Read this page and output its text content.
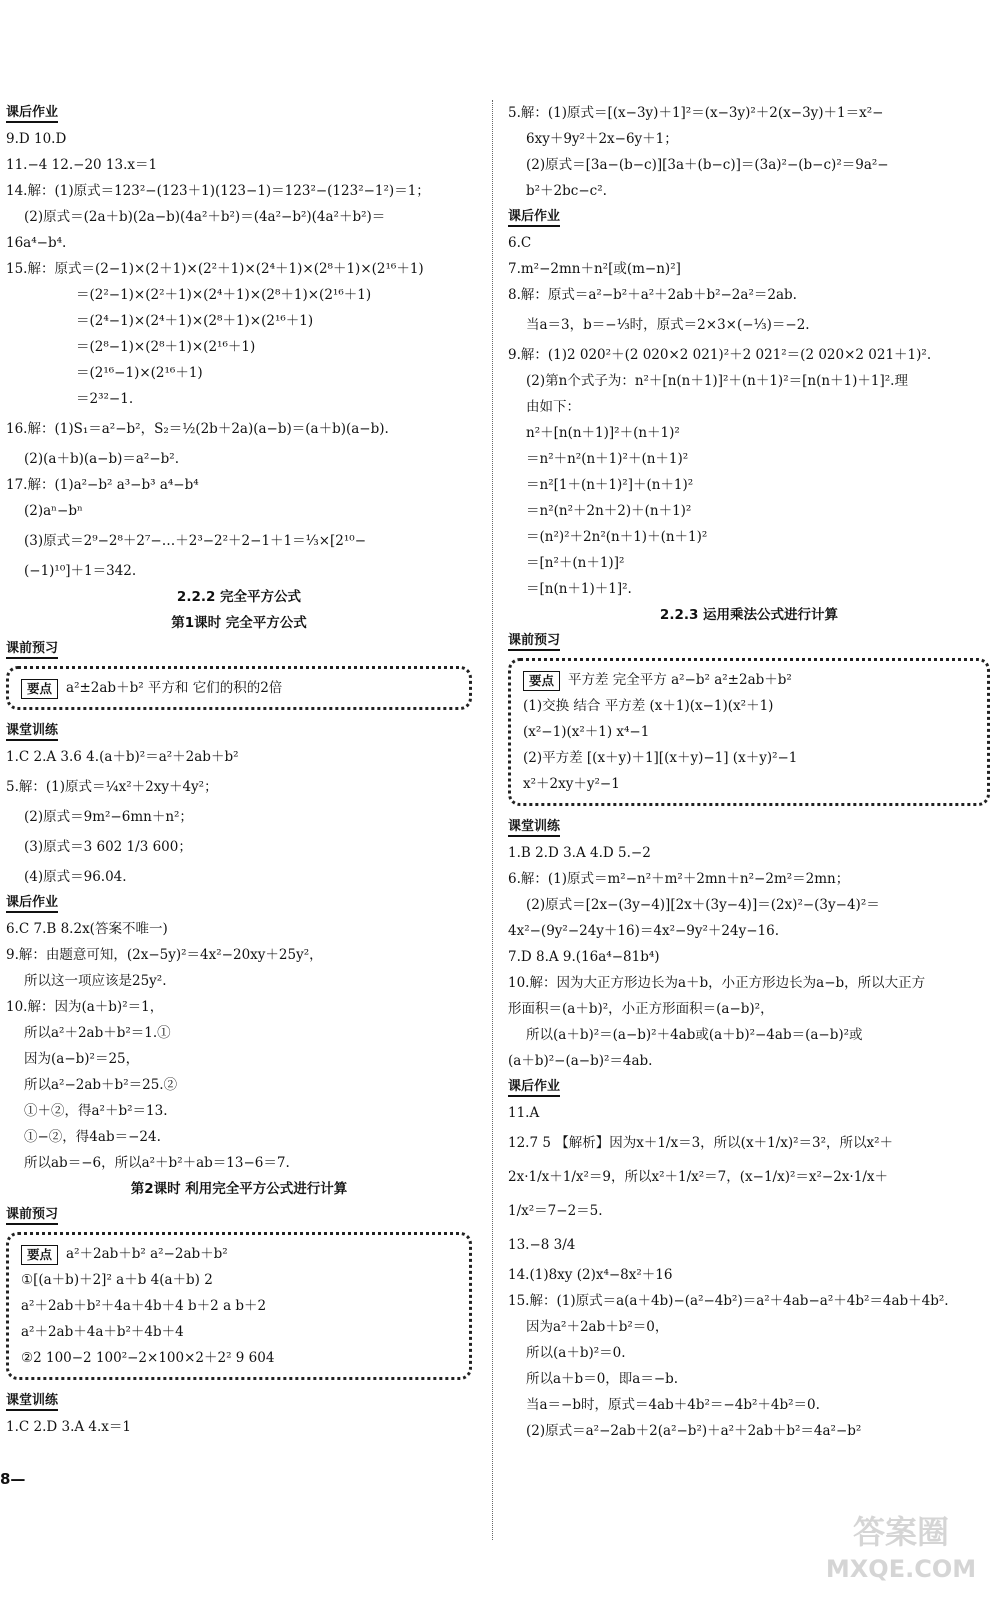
课后作业
9.D 10.D
11.−4 12.−20 13.x＝1
14.解：(1)原式＝123²−(123＋1)(123−1)＝123²−(123²−1²)＝1；
(2)原式＝(2a＋b)(2a−b)(4a²＋b²)＝(4a²−b²)(4a²＋b²)＝
16a⁴−b⁴.
15.解：原式＝(2−1)×(2＋1)×(2²＋1)×(2⁴＋1)×(2⁸＋1)×(2¹⁶＋1)
＝(2²−1)×(2²＋1)×(2⁴＋1)×(2⁸＋1)×(2¹⁶＋1)
＝(2⁴−1)×(2⁴＋1)×(2⁸＋1)×(2¹⁶＋1)
＝(2⁸−1)×(2⁸＋1)×(2¹⁶＋1)
＝(2¹⁶−1)×(2¹⁶＋1)
＝2³²−1.
16.解：(1)S₁＝a²−b²，S₂＝½(2b＋2a)(a−b)＝(a＋b)(a−b).
(2)(a＋b)(a−b)＝a²−b².
17.解：(1)a²−b² a³−b³ a⁴−b⁴
(2)aⁿ−bⁿ
(3)原式＝2⁹−2⁸＋2⁷−…＋2³−2²＋2−1＋1＝⅓×[2¹⁰−
(−1)¹⁰]＋1＝342.
2.2.2 完全平方公式
第1课时 完全平方公式
课前预习
要点 a²±2ab＋b² 平方和 它们的积的2倍
课堂训练
1.C 2.A 3.6 4.(a＋b)²＝a²＋2ab＋b²
5.解：(1)原式＝¼x²＋2xy＋4y²；
(2)原式＝9m²−6mn＋n²；
(3)原式＝3 602 1/3 600；
(4)原式＝96.04.
课后作业
6.C 7.B 8.2x(答案不唯一)
9.解：由题意可知，(2x−5y)²＝4x²−20xy＋25y²，
所以这一项应该是25y².
10.解：因为(a＋b)²＝1，
所以a²＋2ab＋b²＝1.①
因为(a−b)²＝25，
所以a²−2ab＋b²＝25.②
①＋②，得a²＋b²＝13.
①−②，得4ab＝−24.
所以ab＝−6，所以a²＋b²＋ab＝13−6＝7.
第2课时 利用完全平方公式进行计算
课前预习
要点 a²＋2ab＋b² a²−2ab＋b²
①[(a＋b)＋2]² a＋b 4(a＋b) 2
a²＋2ab＋b²＋4a＋4b＋4 b＋2 a b＋2
a²＋2ab＋4a＋b²＋4b＋4
②2 100−2 100²−2×100×2＋2² 9 604
课堂训练
1.C 2.D 3.A 4.x＝1
5.解：(1)原式＝[(x−3y)＋1]²＝(x−3y)²＋2(x−3y)＋1＝x²−
6xy＋9y²＋2x−6y＋1；
(2)原式＝[3a−(b−c)][3a＋(b−c)]＝(3a)²−(b−c)²＝9a²−
b²＋2bc−c².
课后作业
6.C
7.m²−2mn＋n²[或(m−n)²]
8.解：原式＝a²−b²＋a²＋2ab＋b²−2a²＝2ab.
当a＝3，b＝−⅓时，原式＝2×3×(−⅓)＝−2.
9.解：(1)2 020²＋(2 020×2 021)²＋2 021²＝(2 020×2 021＋1)².
(2)第n个式子为：n²＋[n(n＋1)]²＋(n＋1)²＝[n(n＋1)＋1]².理
由如下：
n²＋[n(n＋1)]²＋(n＋1)²
＝n²＋n²(n＋1)²＋(n＋1)²
＝n²[1＋(n＋1)²]＋(n＋1)²
＝n²(n²＋2n＋2)＋(n＋1)²
＝(n²)²＋2n²(n＋1)＋(n＋1)²
＝[n²＋(n＋1)]²
＝[n(n＋1)＋1]².
2.2.3 运用乘法公式进行计算
课前预习
要点 平方差 完全平方 a²−b² a²±2ab＋b²
(1)交换 结合 平方差 (x＋1)(x−1)(x²＋1)
(x²−1)(x²＋1) x⁴−1
(2)平方差 [(x＋y)＋1][(x＋y)−1] (x＋y)²−1
x²＋2xy＋y²−1
课堂训练
1.B 2.D 3.A 4.D 5.−2
6.解：(1)原式＝m²−n²＋m²＋2mn＋n²−2m²＝2mn；
(2)原式＝[2x−(3y−4)][2x＋(3y−4)]＝(2x)²−(3y−4)²＝
4x²−(9y²−24y＋16)＝4x²−9y²＋24y−16.
7.D 8.A 9.(16a⁴−81b⁴)
10.解：因为大正方形边长为a＋b，小正方形边长为a−b，所以大正方
形面积＝(a＋b)²，小正方形面积＝(a−b)²，
所以(a＋b)²＝(a−b)²＋4ab或(a＋b)²−4ab＝(a−b)²或
(a＋b)²−(a−b)²＝4ab.
课后作业
11.A
12.7 5 【解析】因为x＋1/x＝3，所以(x＋1/x)²＝3²，所以x²＋
2x·1/x＋1/x²＝9，所以x²＋1/x²＝7，(x−1/x)²＝x²−2x·1/x＋
1/x²＝7−2＝5.
13.−8 3/4
14.(1)8xy (2)x⁴−8x²＋16
15.解：(1)原式＝a(a＋4b)−(a²−4b²)＝a²＋4ab−a²＋4b²＝4ab＋4b².
因为a²＋2ab＋b²＝0，
所以(a＋b)²＝0.
所以a＋b＝0，即a＝−b.
当a＝−b时，原式＝4ab＋4b²＝−4b²＋4b²＝0.
(2)原式＝a²−2ab＋2(a²−b²)＋a²＋2ab＋b²＝4a²−b²
8—
答案圈
MXQE.COM
